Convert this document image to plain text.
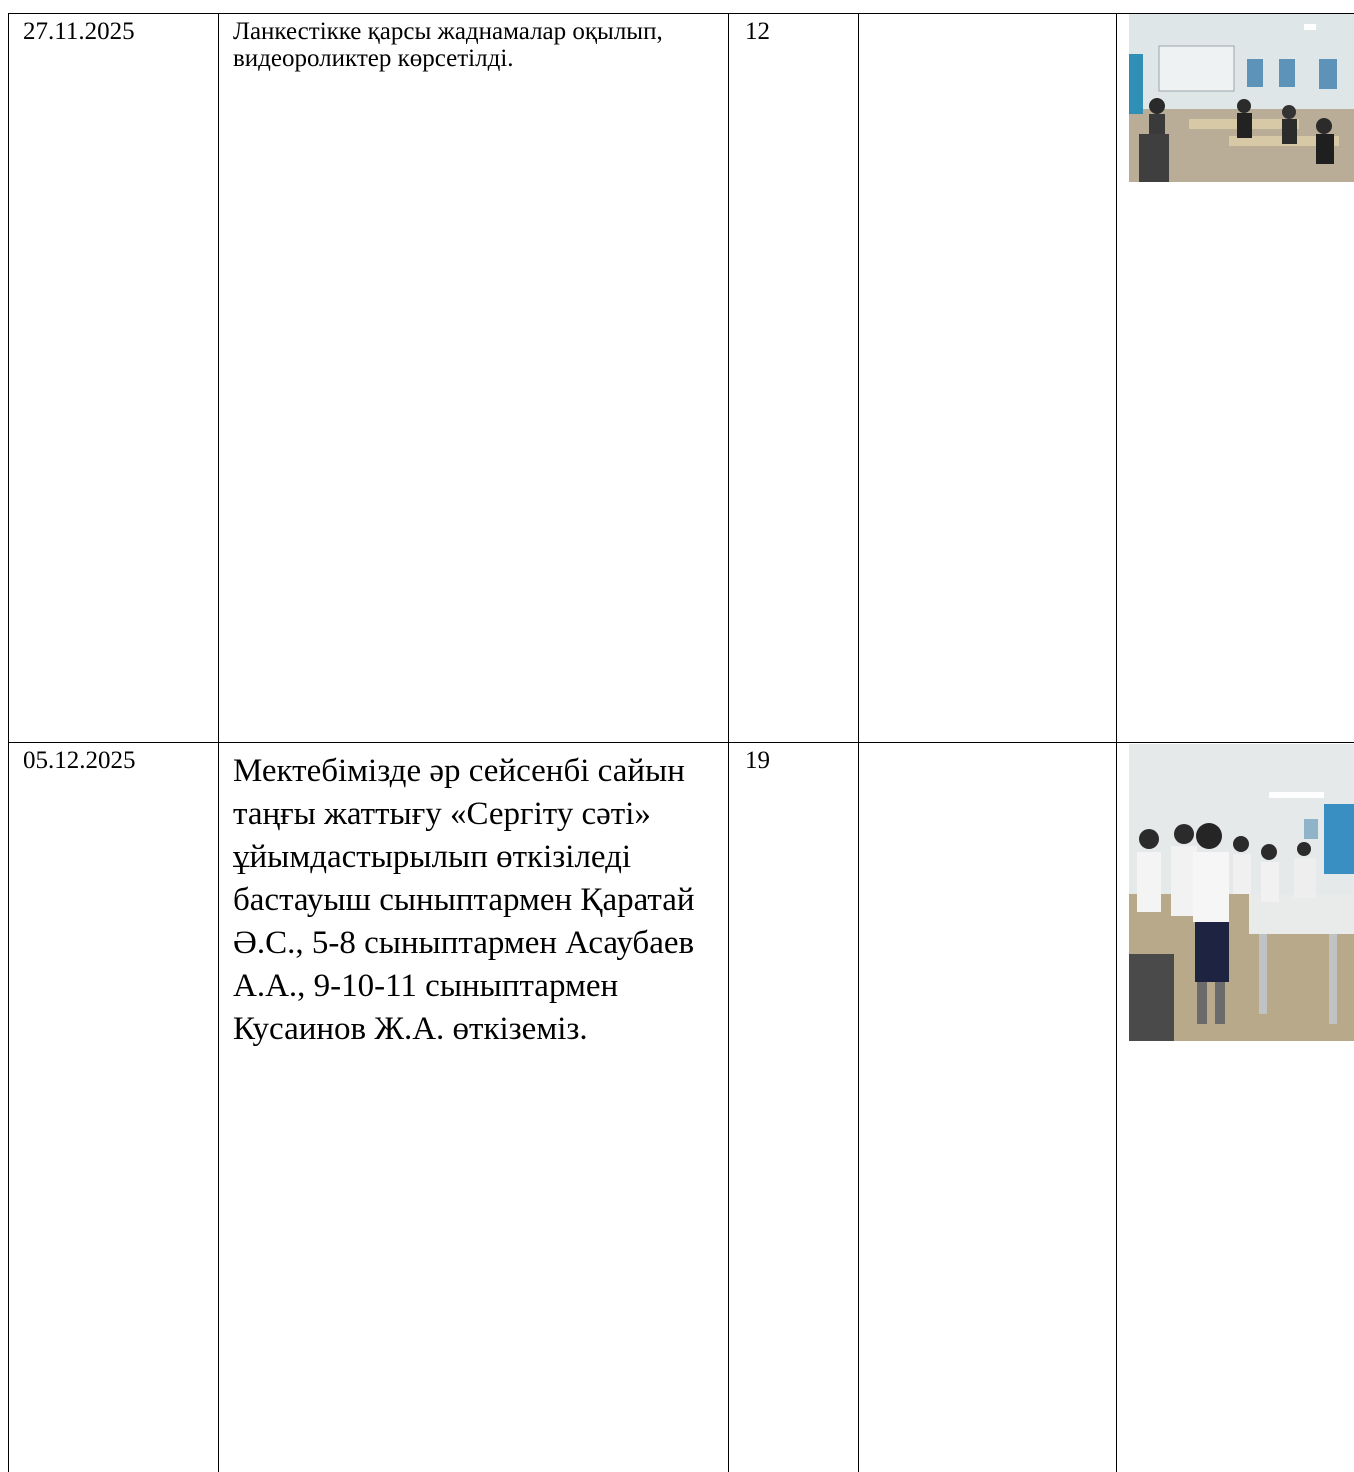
27.11.2025	Ланкестікке қарсы жаднамалар оқылып, видеороликтер көрсетілді.
12
05.12.2025	Мектебімізде әр сейсенбі сайын таңғы жаттығу «Сергіту сәті» ұйымдастырылып өткізіледі бастауыш сыныптармен Қаратай Ә.С., 5-8 сыныптармен Асаубаев А.А., 9-10-11 сыныптармен Кусаинов Ж.А. өткіземіз.
19
